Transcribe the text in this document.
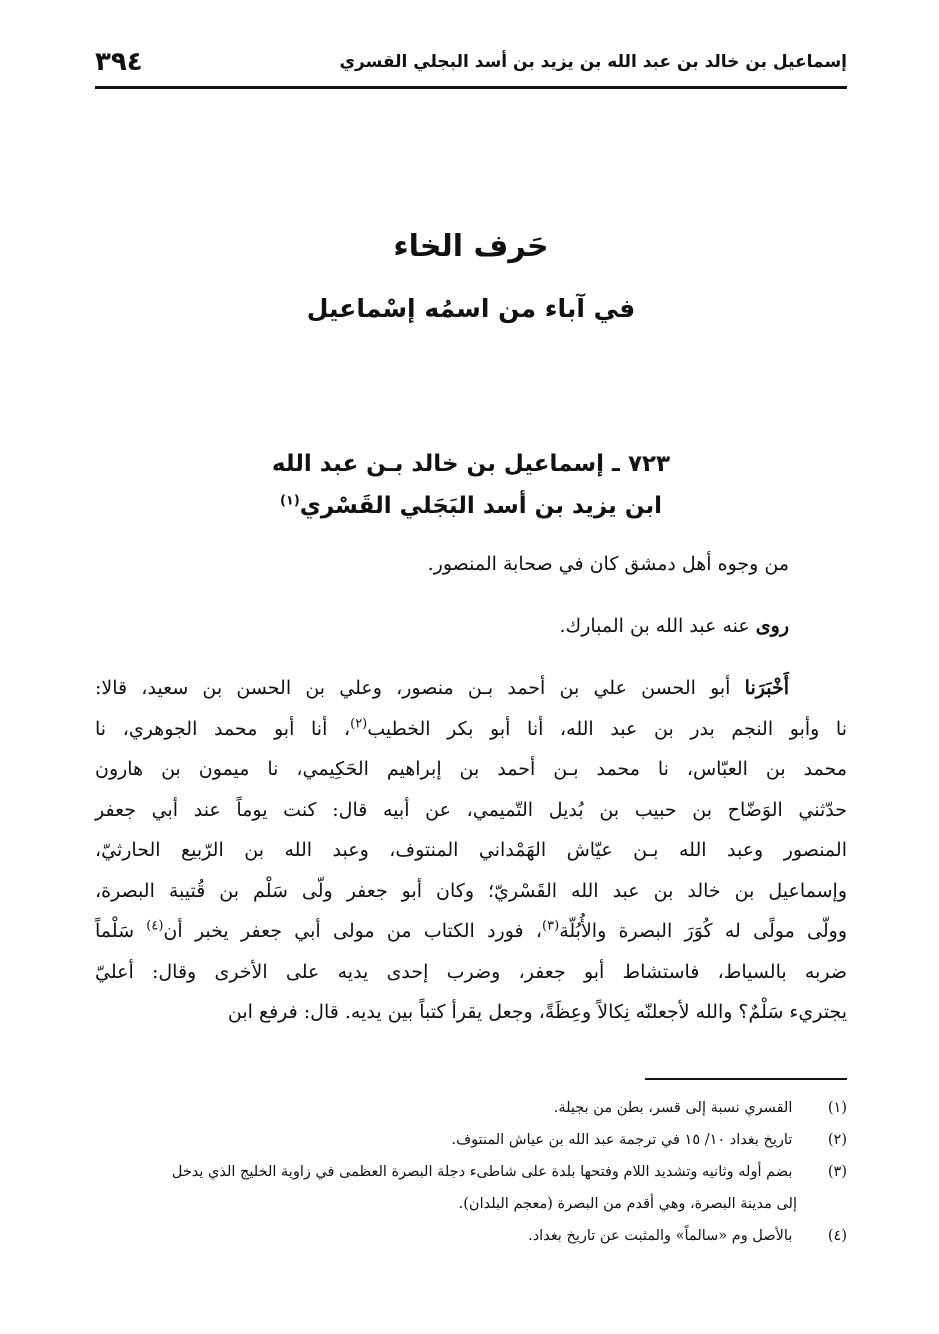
إسماعيل بن خالد بن عبد الله بن يزيد بن أسد البجلي القسري
٣٩٤
حَرف الخاء
في آباء من اسمُه إسْماعيل
٧٢٣ ـ إسماعيل بن خالد بـن عبد الله
ابن يزيد بن أسد البَجَلي القَسْري$^{(١)}$
من وجوه أهل دمشق كان في صحابة المنصور.
روى عنه عبد الله بن المبارك.
أَخْبَرَنا أبو الحسن علي بن أحمد بـن منصور، وعلي بن الحسن بن سعيد، قالا:
نا وأبو النجم بدر بن عبد الله، أنا أبو بكر الخطيب$^{(٢)}$، أنا أبو محمد الجوهري، نا
محمد بن العبّاس، نا محمد بـن أحمد بن إبراهيم الحَكِيمي، نا ميمون بن هارون
حدّثني الوَضّاح بن حبيب بن بُديل التّميمي، عن أبيه قال: كنت يوماً عند أبي جعفر
المنصور وعبد الله بـن عيّاش الهَمْداني المنتوف، وعبد الله بن الرّبيع الحارثيّ،
وإسماعيل بن خالد بن عبد الله القَسْريّ؛ وكان أبو جعفر ولّى سَلْم بن قُتيبة البصرة،
وولّى مولًى له كُوَرَ البصرة والأُبُلّة$^{(٣)}$، فورد الكتاب من مولى أبي جعفر يخبر أن$^{(٤)}$ سَلْماً
ضربه بالسياط، فاستشاط أبو جعفر، وضرب إحدى يديه على الأخرى وقال: أعليّ
يجتريء سَلْمٌ؟ والله لأجعلنّه نِكالاً وعِظَةً، وجعل يقرأ كتباً بين يديه. قال: فرفع ابن
(١) القسري نسبة إلى قسر، بطن من بجيلة.
(٢) تاريخ بغداد ١٠/ ١٥ في ترجمة عبد الله بن عياش المنتوف.
(٣) بضم أوله وثانيه وتشديد اللام وفتحها بلدة على شاطىء دجلة البصرة العظمى في زاوية الخليج الذي يدخل
إلى مدينة البصرة، وهي أقدم من البصرة (معجم البلدان).
(٤) بالأصل وم «سالماً» والمثبت عن تاريخ بغداد.
